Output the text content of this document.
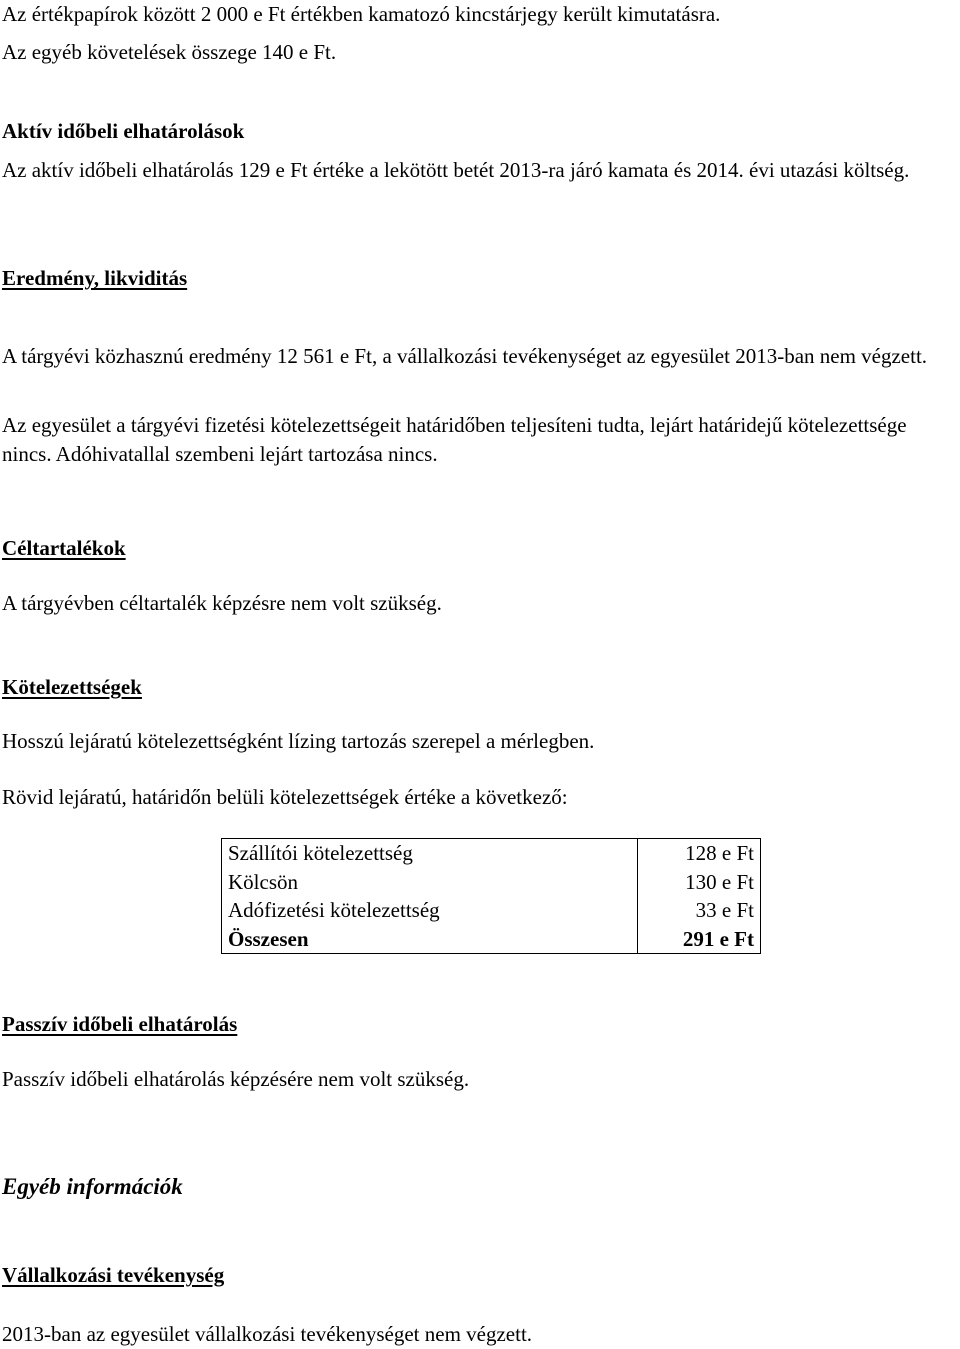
Az értékpapírok között 2 000 e Ft értékben kamatozó kincstárjegy került kimutatásra.

Az egyéb követelések összege 140 e Ft.

Aktív időbeli elhatárolások

Az aktív időbeli elhatárolás 129 e Ft értéke a lekötött betét 2013-ra járó kamata és 2014. évi utazási költség.

Eredmény, likviditás

A tárgyévi közhasznú eredmény 12 561 e Ft, a vállalkozási tevékenységet az egyesület 2013-ban nem végzett.

Az egyesület a tárgyévi fizetési kötelezettségeit határidőben teljesíteni tudta, lejárt határidejű kötelezettsége nincs. Adóhivatallal szembeni lejárt tartozása nincs.

Céltartalékok

A tárgyévben céltartalék képzésre nem volt szükség.

Kötelezettségek

Hosszú lejáratú kötelezettségként lízing tartozás szerepel a mérlegben.

Rövid lejáratú, határidőn belüli kötelezettségek értéke a következő:

Szállítói kötelezettség	128 e Ft
Kölcsön	130 e Ft
Adófizetési kötelezettség	33 e Ft
Összesen	291 e Ft

Passzív időbeli elhatárolás

Passzív időbeli elhatárolás képzésére nem volt szükség.

Egyéb információk

Vállalkozási tevékenység

2013-ban az egyesület vállalkozási tevékenységet nem végzett.
